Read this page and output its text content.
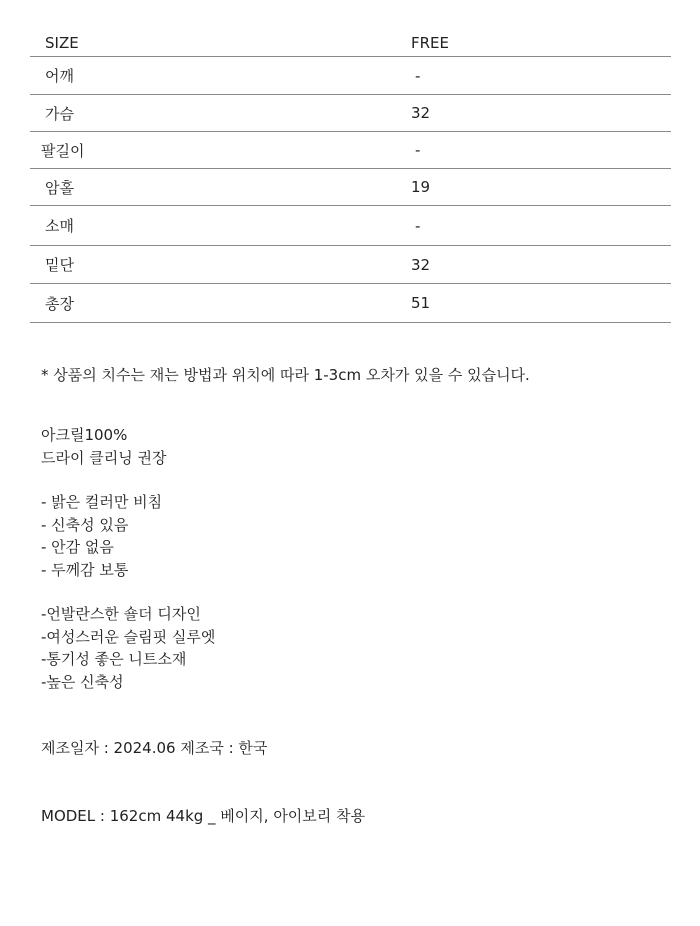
SIZE	FREE
어깨	-
가슴	32
팔길이	-
암홀	19
소매	-
밑단	32
총장	51

* 상품의 치수는 재는 방법과 위치에 따라 1-3cm 오차가 있을 수 있습니다.

아크릴100%

드라이 클리닝 권장

- 밝은 컬러만 비침

- 신축성 있음

- 안감 없음

- 두께감 보통

-언발란스한 숄더 디자인

-여성스러운 슬림핏 실루엣

-통기성 좋은 니트소재

-높은 신축성

제조일자 : 2024.06 제조국 : 한국

MODEL : 162cm 44kg _ 베이지, 아이보리 착용
